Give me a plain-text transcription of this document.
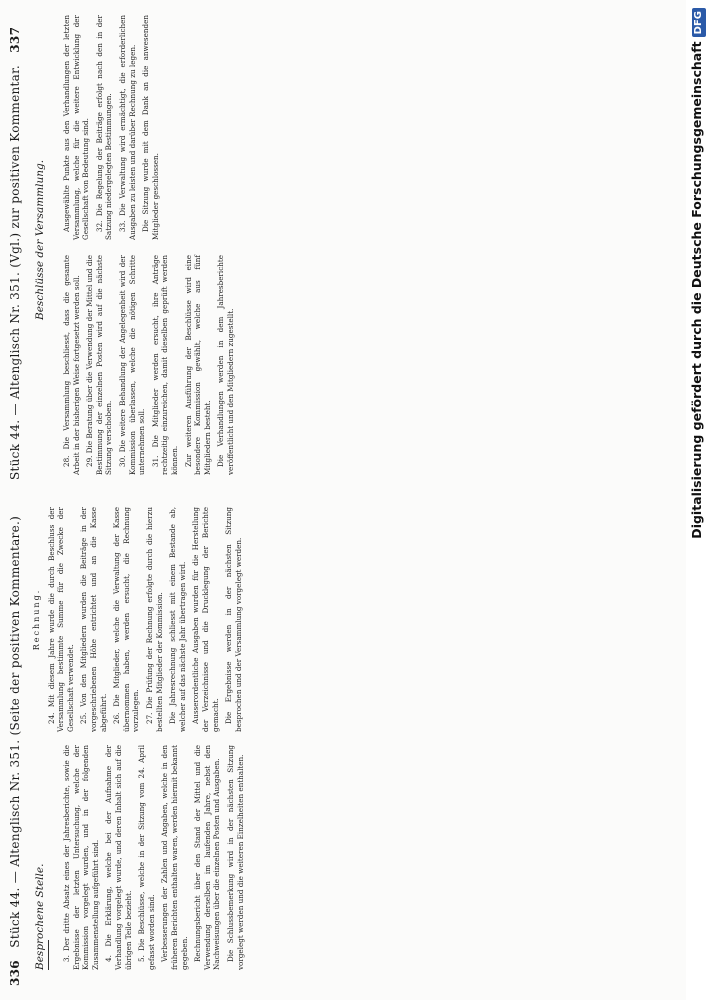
336   Stück 44. — Altenglisch Nr. 351. (Seite der positiven Kommentare.)
Stück 44. — Altenglisch Nr. 351. (Vgl.) zur positiven Kommentar.   337
Besprochene Stelle.
Beschlüsse der Versammlung.

3. Der dritte Absatz eines der Jahresberichte, sowie die Ergebnisse der letzten Untersuchung, welche der Kommission vorgelegt wurden, und in der folgenden Zusammenstellung aufgeführt sind. 4. Die Erklärung, welche bei der Aufnahme der Verhandlung vorgelegt wurde, und deren Inhalt sich auf die übrigen Teile bezieht. 5. Die Beschlüsse, welche in der Sitzung vom 24. April gefasst worden sind. Verbesserungen der Zahlen und Angaben, welche in den früheren Berichten enthalten waren, werden hiermit bekannt gegeben. Rechnungsbericht über den Stand der Mittel und die Verwendung derselben im laufenden Jahre, nebst den Nachweisungen über die einzelnen Posten und Ausgaben. Die Schlussbemerkung wird in der nächsten Sitzung vorgelegt werden und die weiteren Einzelheiten enthalten.

Rechnung. 24. Mit diesem Jahre wurde die durch Beschluss der Versammlung bestimmte Summe für die Zwecke der Gesellschaft verwendet. 25. Von den Mitgliedern wurden die Beiträge in der vorgeschriebenen Höhe entrichtet und an die Kasse abgeführt. 26. Die Mitglieder, welche die Verwaltung der Kasse übernommen haben, werden ersucht, die Rechnung vorzulegen. 27. Die Prüfung der Rechnung erfolgte durch die hierzu bestellten Mitglieder der Kommission. Die Jahresrechnung schliesst mit einem Bestande ab, welcher auf das nächste Jahr übertragen wird. Ausserordentliche Ausgaben wurden für die Herstellung der Verzeichnisse und die Drucklegung der Berichte gemacht. Die Ergebnisse werden in der nächsten Sitzung besprochen und der Versammlung vorgelegt werden.

28. Die Versammlung beschliesst, dass die gesamte Arbeit in der bisherigen Weise fortgesetzt werden soll. 29. Die Beratung über die Verwendung der Mittel und die Bestimmung der einzelnen Posten wird auf die nächste Sitzung verschoben. 30. Die weitere Behandlung der Angelegenheit wird der Kommission überlassen, welche die nötigen Schritte unternehmen soll. 31. Die Mitglieder werden ersucht, ihre Anträge rechtzeitig einzureichen, damit dieselben geprüft werden können. Zur weiteren Ausführung der Beschlüsse wird eine besondere Kommission gewählt, welche aus fünf Mitgliedern besteht. Die Verhandlungen werden in dem Jahresberichte veröffentlicht und den Mitgliedern zugestellt.

Ausgewählte Punkte aus den Verhandlungen der letzten Versammlung, welche für die weitere Entwicklung der Gesellschaft von Bedeutung sind. 32. Die Regelung der Beiträge erfolgt nach den in der Satzung niedergelegten Bestimmungen. 33. Die Verwaltung wird ermächtigt, die erforderlichen Ausgaben zu leisten und darüber Rechnung zu legen. Die Sitzung wurde mit dem Dank an die anwesenden Mitglieder geschlossen.	Digitalisierung gefördert durch die Deutsche ForschungsgemeinschaftDFG
